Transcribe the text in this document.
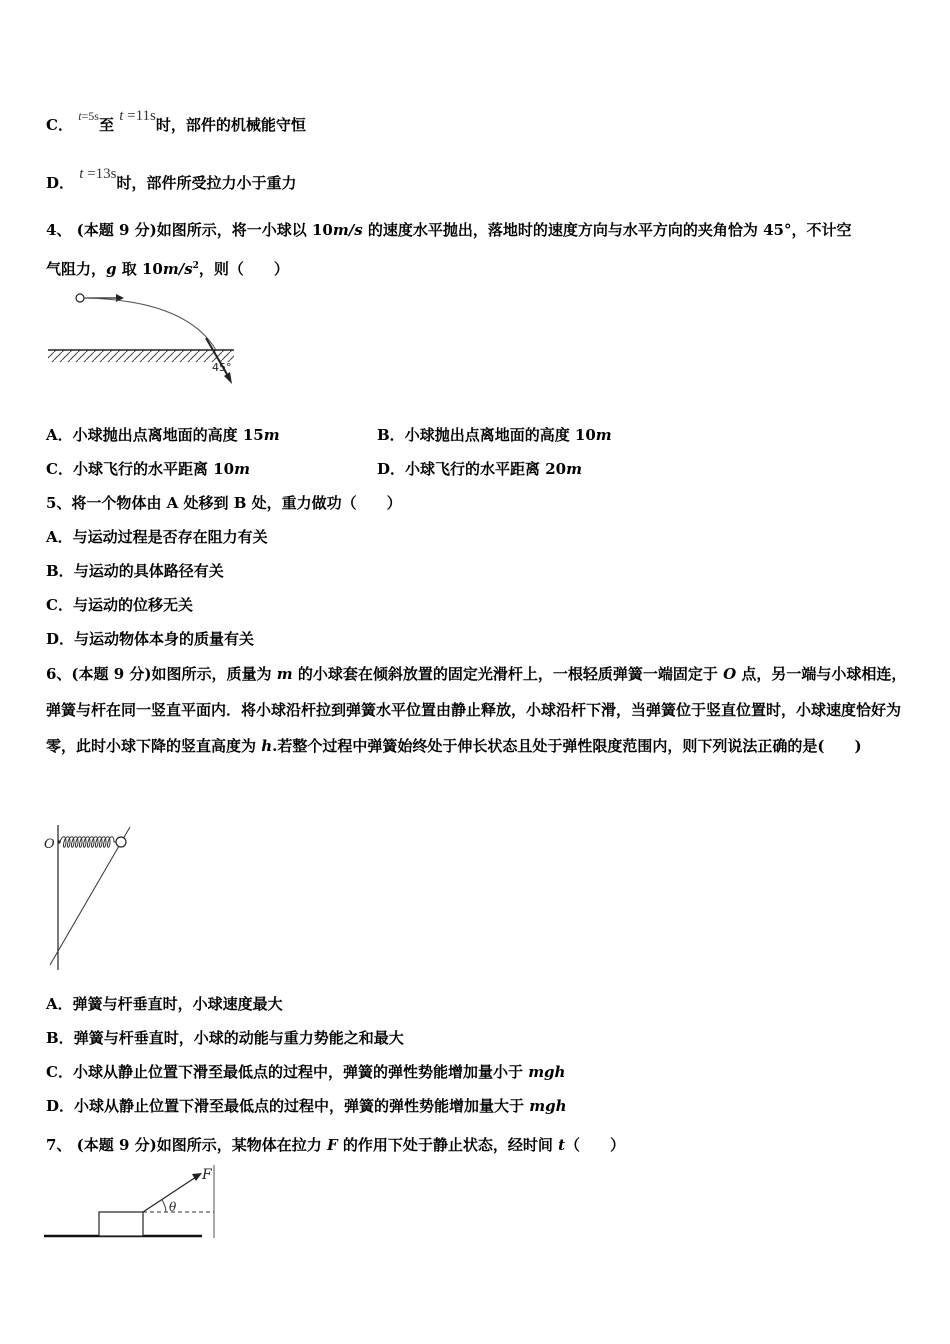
C． $^{t=5s}$至 t =11s时，部件的机械能守恒
D． t =13s时，部件所受拉力小于重力
4、 (本题 9 分)如图所示，将一小球以 10m/s 的速度水平抛出，落地时的速度方向与水平方向的夹角恰为 45°，不计空
气阻力，g 取 $10m/s^2$，则（　　）
45°
A．小球抛出点离地面的高度 15m	B．小球抛出点离地面的高度 10m
C．小球飞行的水平距离 10m	D．小球飞行的水平距离 20m
5、将一个物体由 A 处移到 B 处，重力做功（　　）
A．与运动过程是否存在阻力有关
B．与运动的具体路径有关
C．与运动的位移无关
D．与运动物体本身的质量有关
6、(本题 9 分)如图所示，质量为 m 的小球套在倾斜放置的固定光滑杆上，一根轻质弹簧一端固定于 O 点，另一端与小球相连，弹簧与杆在同一竖直平面内．将小球沿杆拉到弹簧水平位置由静止释放，小球沿杆下滑，当弹簧位于竖直位置时，小球速度恰好为零，此时小球下降的竖直高度为 h.若整个过程中弹簧始终处于伸长状态且处于弹性限度范围内，则下列说法正确的是(　　)
O
A．弹簧与杆垂直时，小球速度最大
B．弹簧与杆垂直时，小球的动能与重力势能之和最大
C．小球从静止位置下滑至最低点的过程中，弹簧的弹性势能增加量小于 mgh
D．小球从静止位置下滑至最低点的过程中，弹簧的弹性势能增加量大于 mgh
7、 (本题 9 分)如图所示，某物体在拉力 F 的作用下处于静止状态，经时间 t（　　）
F
θ
